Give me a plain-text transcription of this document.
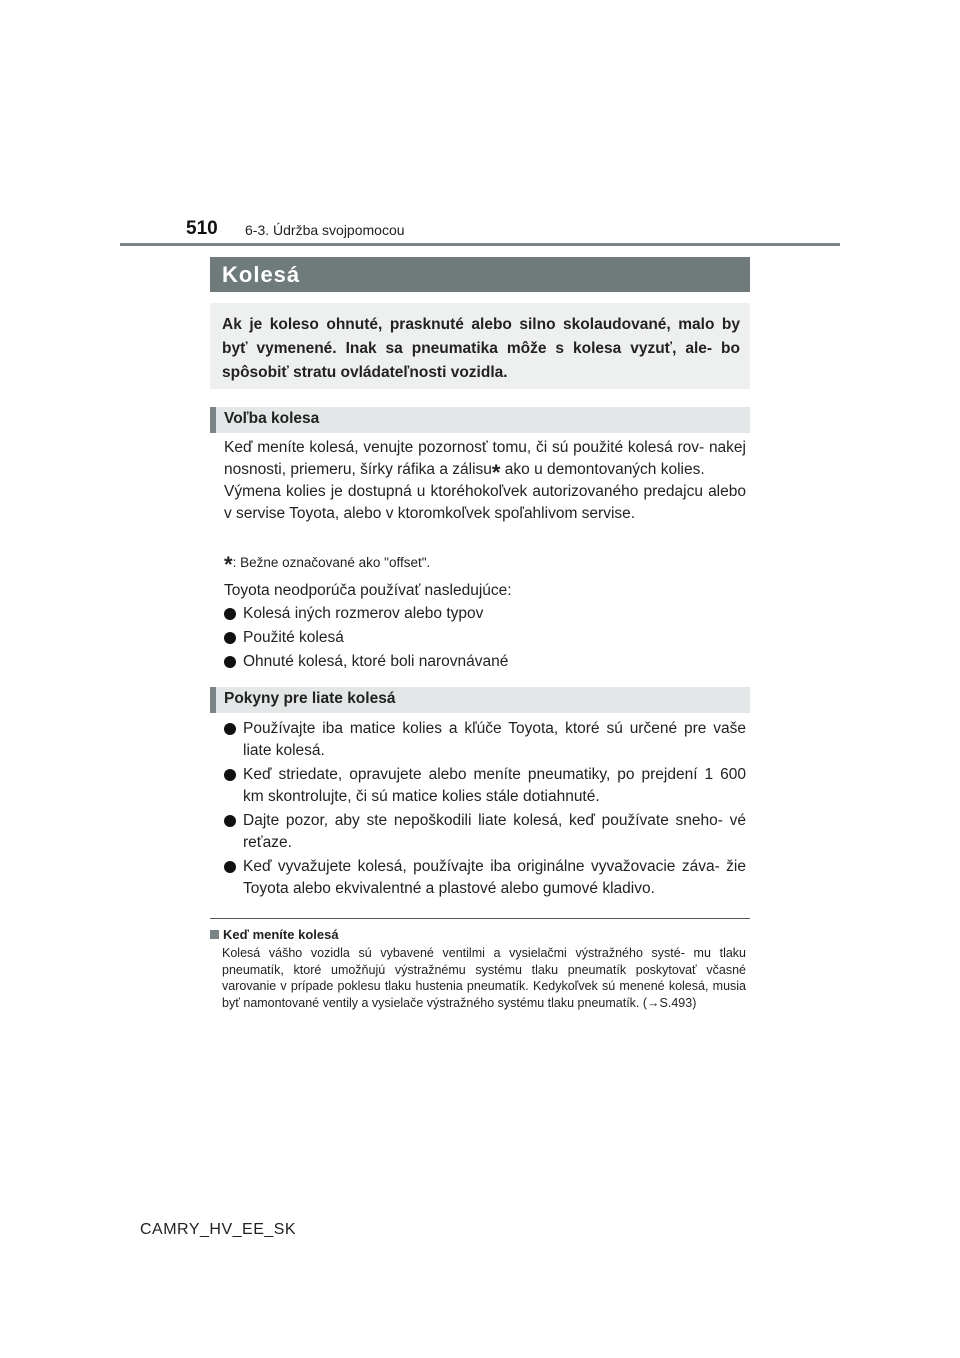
510 6-3. Údržba svojpomocou
Kolesá
Ak je koleso ohnuté, prasknuté alebo silno skolaudované, malo by byť vymenené. Inak sa pneumatika môže s kolesa vyzuť, ale- bo spôsobiť stratu ovládateľnosti vozidla.
Voľba kolesa

Keď meníte kolesá, venujte pozornosť tomu, či sú použité kolesá rov- nakej nosnosti, priemeru, šírky ráfika a zálisu* ako u demontovaných kolies.
Výmena kolies je dostupná u ktoréhokoľvek autorizovaného predajcu alebo v servise Toyota, alebo v ktoromkoľvek spoľahlivom servise.

*: Bežne označované ako "offset".

Toyota neodporúča používať nasledujúce:

Kolesá iných rozmerov alebo typov
Použité kolesá
Ohnuté kolesá, ktoré boli narovnávané
Pokyny pre liate kolesá
Používajte iba matice kolies a kľúče Toyota, ktoré sú určené pre vaše liate kolesá.
Keď striedate, opravujete alebo meníte pneumatiky, po prejdení 1 600 km skontrolujte, či sú matice kolies stále dotiahnuté.
Dajte pozor, aby ste nepoškodili liate kolesá, keď používate sneho- vé reťaze.
Keď vyvažujete kolesá, používajte iba originálne vyvažovacie záva- žie Toyota alebo ekvivalentné a plastové alebo gumové kladivo.
Keď meníte kolesá

Kolesá vášho vozidla sú vybavené ventilmi a vysielačmi výstražného systé- mu tlaku pneumatík, ktoré umožňujú výstražnému systému tlaku pneumatík poskytovať včasné varovanie v prípade poklesu tlaku hustenia pneumatík. Kedykoľvek sú menené kolesá, musia byť namontované ventily a vysielače výstražného systému tlaku pneumatík. (→S.493)

CAMRY_HV_EE_SK
